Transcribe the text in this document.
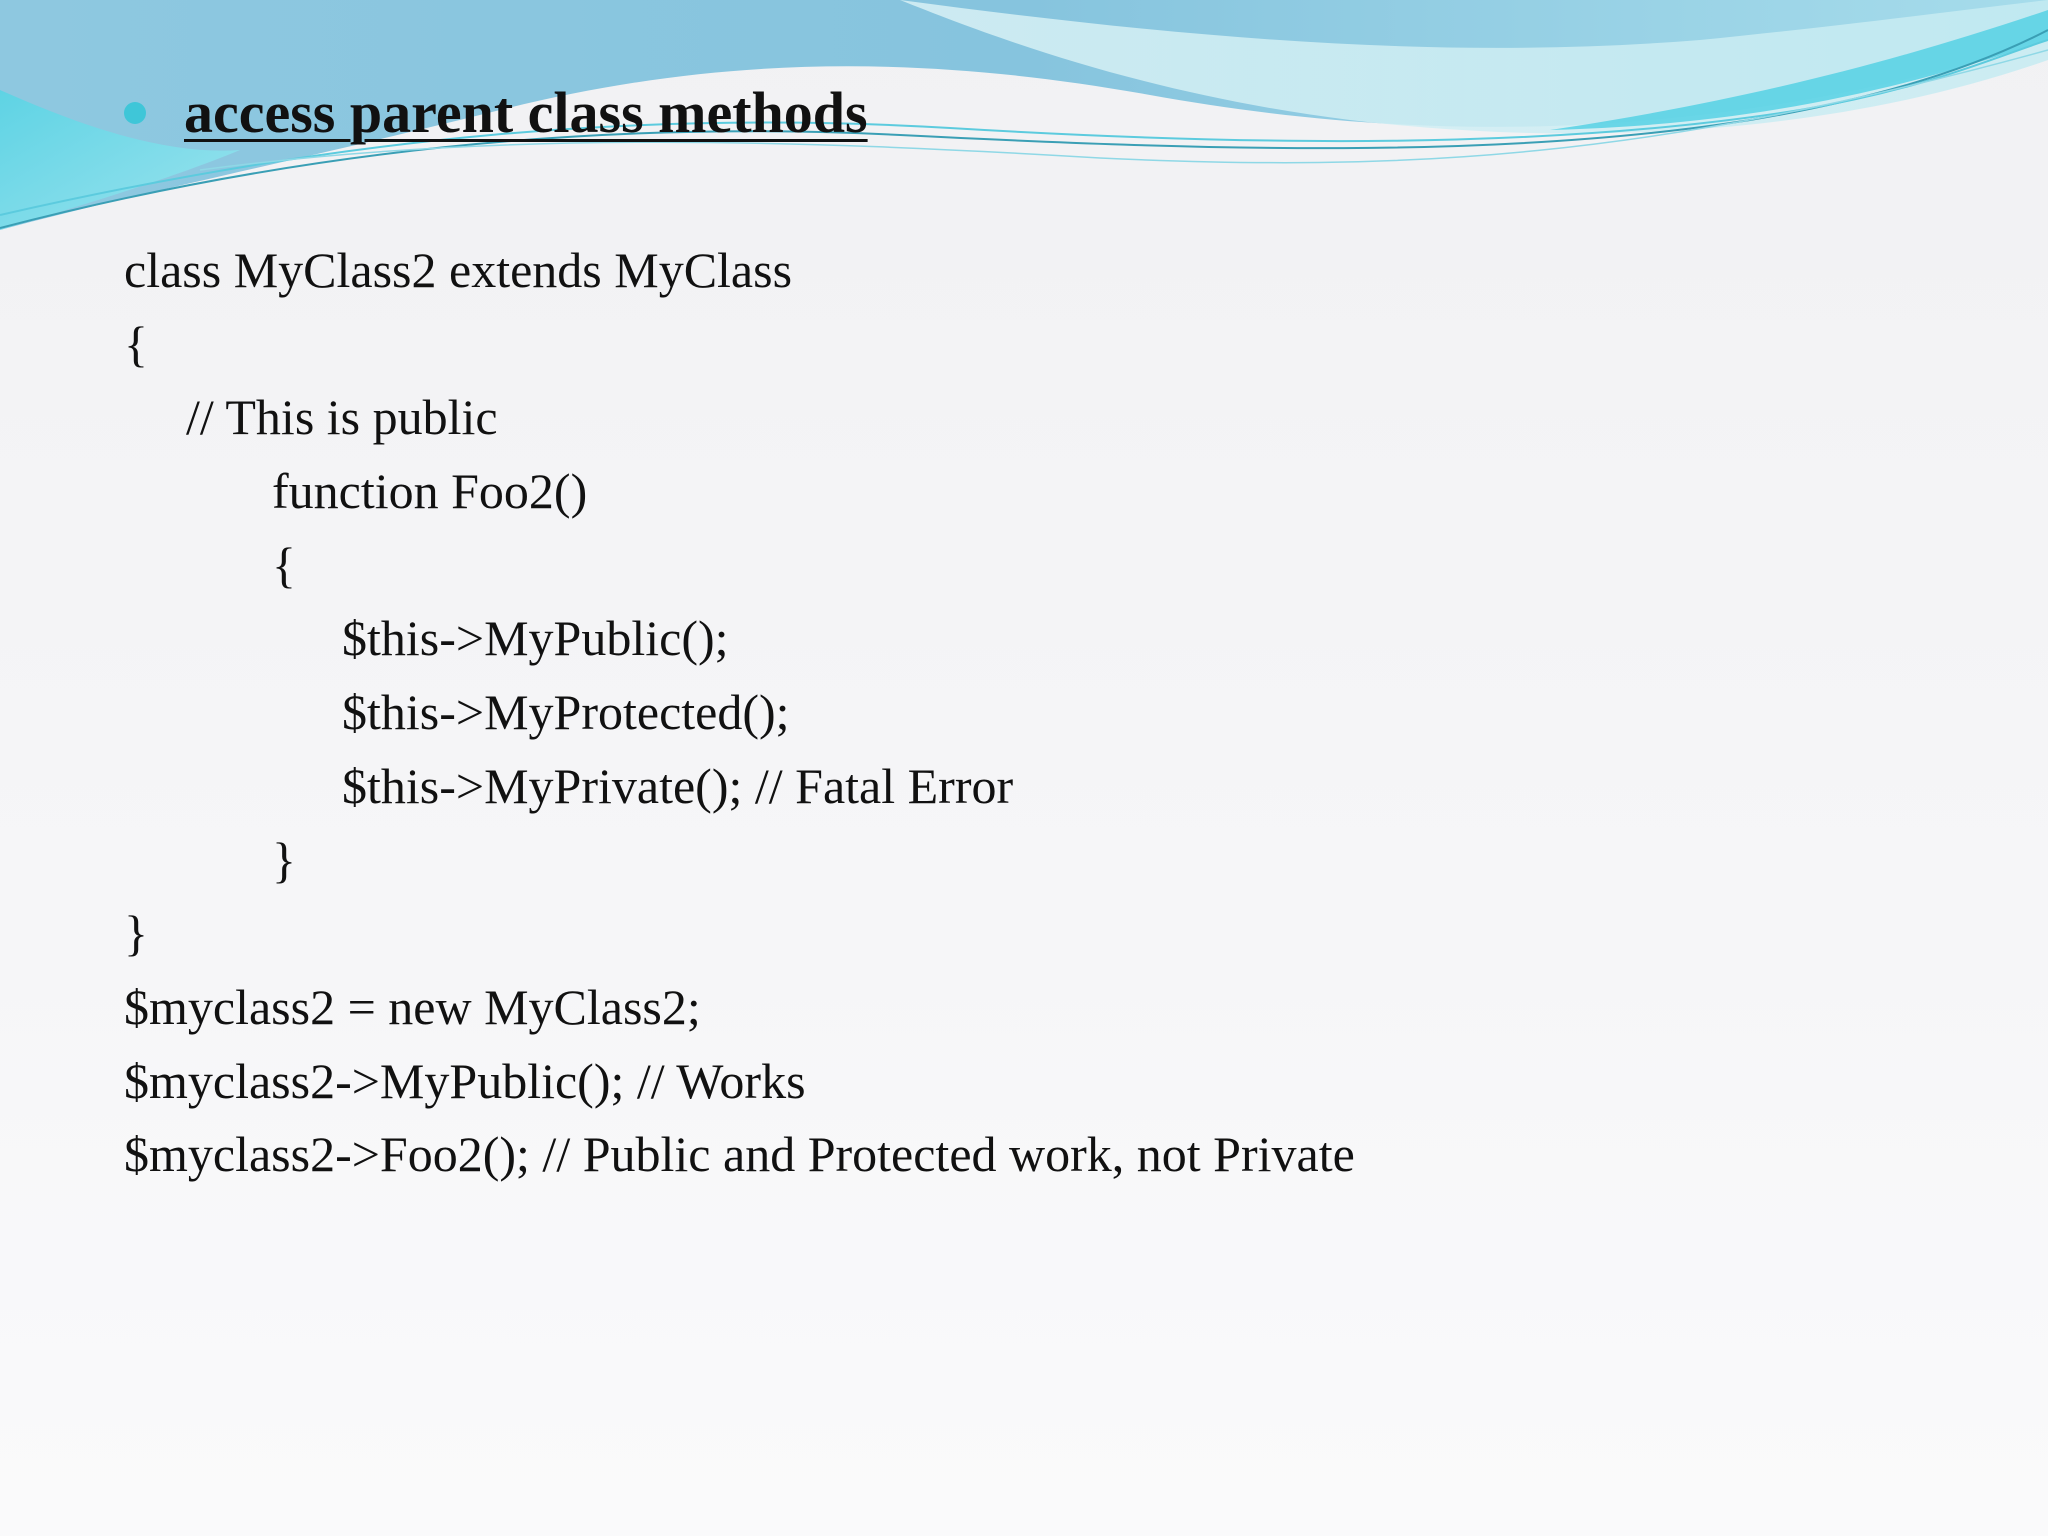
access parent class methods
class MyClass2 extends MyClass
{
// This is public
function Foo2()
{
$this->MyPublic();
$this->MyProtected();
$this->MyPrivate(); // Fatal Error
}
}
$myclass2 = new MyClass2;
$myclass2->MyPublic(); // Works
$myclass2->Foo2(); // Public and Protected work, not Private
